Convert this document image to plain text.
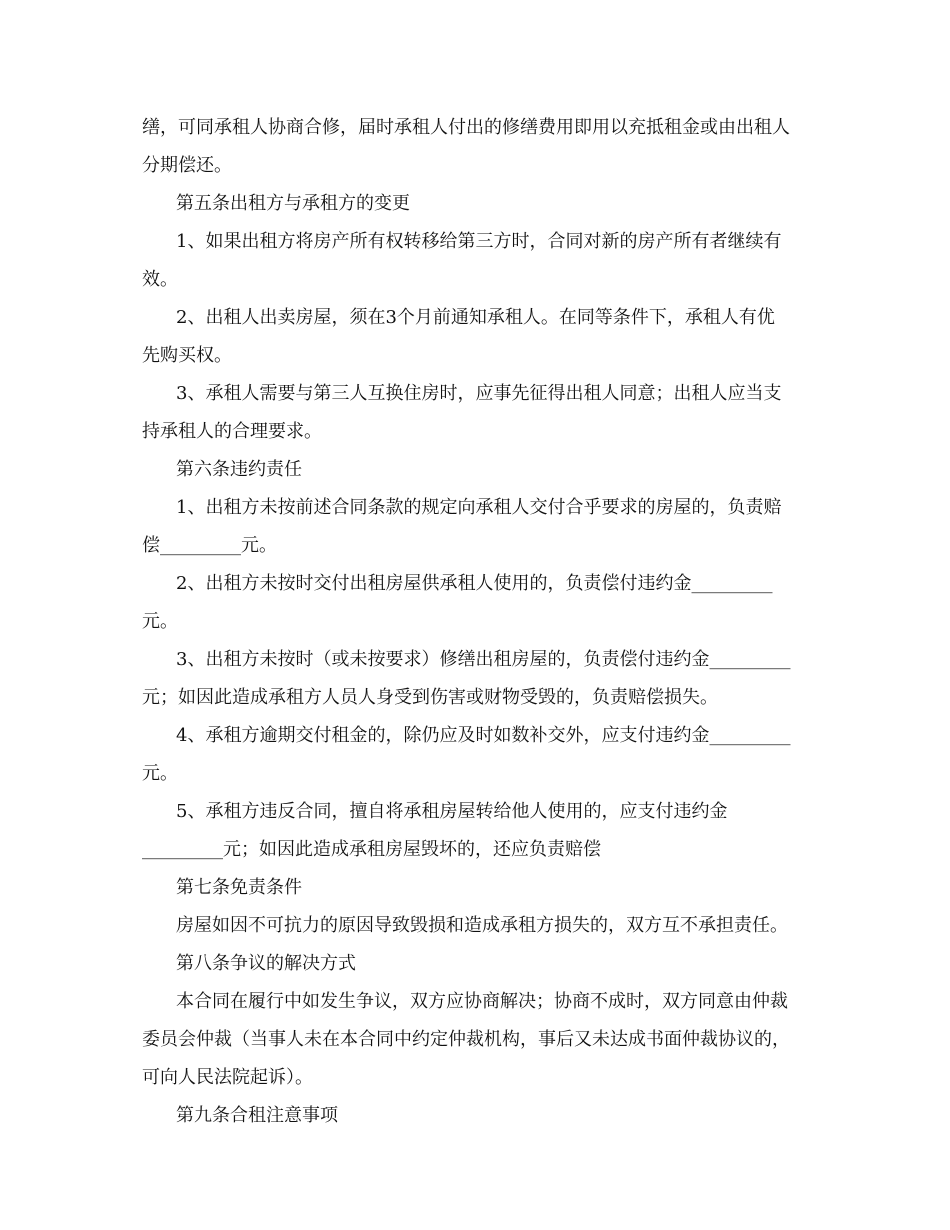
缮，可同承租人协商合修，届时承租人付出的修缮费用即用以充抵租金或由出租人
分期偿还。
第五条出租方与承租方的变更
1、如果出租方将房产所有权转移给第三方时，合同对新的房产所有者继续有
效。
2、出租人出卖房屋，须在3个月前通知承租人。在同等条件下，承租人有优
先购买权。
3、承租人需要与第三人互换住房时，应事先征得出租人同意；出租人应当支
持承租人的合理要求。
第六条违约责任
1、出租方未按前述合同条款的规定向承租人交付合乎要求的房屋的，负责赔
偿_________元。
2、出租方未按时交付出租房屋供承租人使用的，负责偿付违约金_________
元。
3、出租方未按时（或未按要求）修缮出租房屋的，负责偿付违约金_________
元；如因此造成承租方人员人身受到伤害或财物受毁的，负责赔偿损失。
4、承租方逾期交付租金的，除仍应及时如数补交外，应支付违约金_________
元。
5、承租方违反合同，擅自将承租房屋转给他人使用的，应支付违约金
_________元；如因此造成承租房屋毁坏的，还应负责赔偿
第七条免责条件
房屋如因不可抗力的原因导致毁损和造成承租方损失的，双方互不承担责任。
第八条争议的解决方式
本合同在履行中如发生争议，双方应协商解决；协商不成时，双方同意由仲裁
委员会仲裁（当事人未在本合同中约定仲裁机构，事后又未达成书面仲裁协议的，
可向人民法院起诉）。
第九条合租注意事项
